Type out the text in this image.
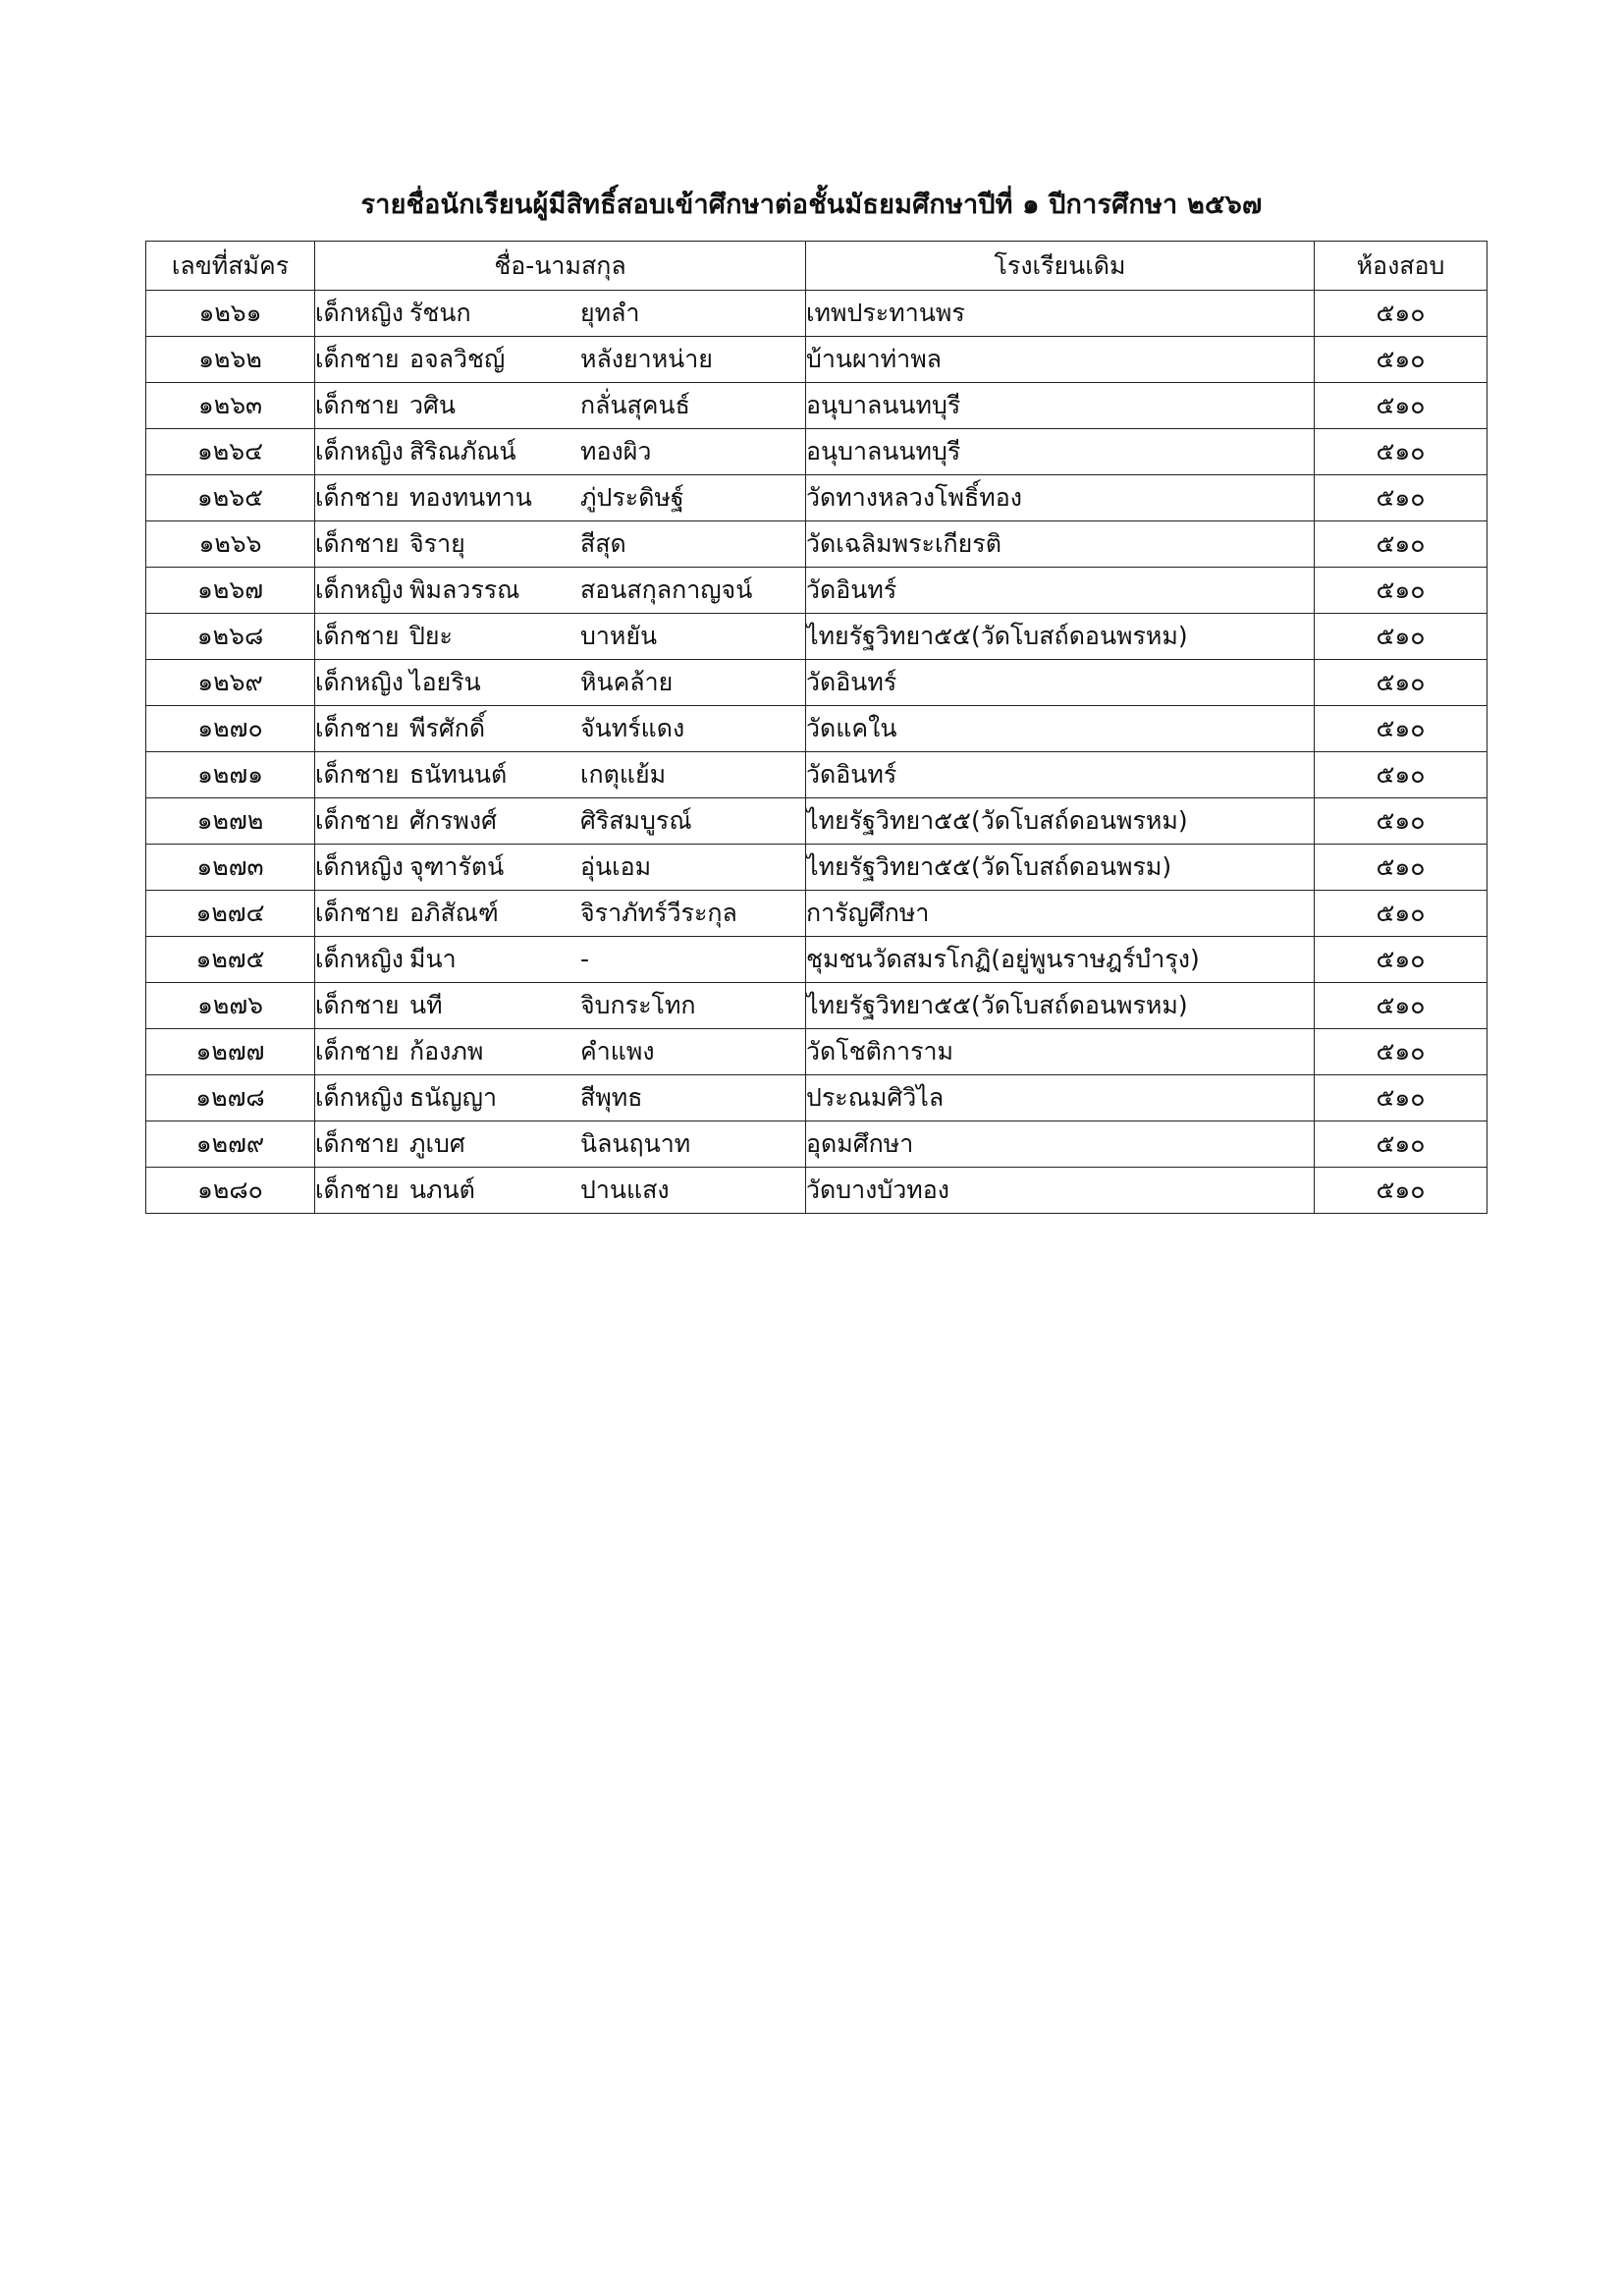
รายชื่อนักเรียนผู้มีสิทธิ์สอบเข้าศึกษาต่อชั้นมัธยมศึกษาปีที่ ๑ ปีการศึกษา ๒๕๖๗
เลขที่สมัคร	ชื่อ-นามสกุล	โรงเรียนเดิม	ห้องสอบ
๑๒๖๑	เด็กหญิง รัชนก ยุทลำ	เทพประทานพร	๕๑๐
๑๒๖๒	เด็กชาย อจลวิชญ์ หลังยาหน่าย	บ้านผาท่าพล	๕๑๐
๑๒๖๓	เด็กชาย วศิน กลั่นสุคนธ์	อนุบาลนนทบุรี	๕๑๐
๑๒๖๔	เด็กหญิง สิริณภัณน์ ทองผิว	อนุบาลนนทบุรี	๕๑๐
๑๒๖๕	เด็กชาย ทองทนทาน ภู่ประดิษฐ์	วัดทางหลวงโพธิ์ทอง	๕๑๐
๑๒๖๖	เด็กชาย จิรายุ สีสุด	วัดเฉลิมพระเกียรติ	๕๑๐
๑๒๖๗	เด็กหญิง พิมลวรรณ สอนสกุลกาญจน์	วัดอินทร์	๕๑๐
๑๒๖๘	เด็กชาย ปิยะ บาหยัน	ไทยรัฐวิทยา๕๕(วัดโบสถ์ดอนพรหม)	๕๑๐
๑๒๖๙	เด็กหญิง ไอยริน หินคล้าย	วัดอินทร์	๕๑๐
๑๒๗๐	เด็กชาย พีรศักดิ์ จันทร์แดง	วัดแคใน	๕๑๐
๑๒๗๑	เด็กชาย ธนัทนนต์ เกตุแย้ม	วัดอินทร์	๕๑๐
๑๒๗๒	เด็กชาย ศักรพงศ์ ศิริสมบูรณ์	ไทยรัฐวิทยา๕๕(วัดโบสถ์ดอนพรหม)	๕๑๐
๑๒๗๓	เด็กหญิง จุฑารัตน์ อุ่นเอม	ไทยรัฐวิทยา๕๕(วัดโบสถ์ดอนพรม)	๕๑๐
๑๒๗๔	เด็กชาย อภิสัณฑ์ จิราภัทร์วีระกุล	การัญศึกษา	๕๑๐
๑๒๗๕	เด็กหญิง มีนา -	ชุมชนวัดสมรโกฏิ(อยู่พูนราษฎร์บำรุง)	๕๑๐
๑๒๗๖	เด็กชาย นที จิบกระโทก	ไทยรัฐวิทยา๕๕(วัดโบสถ์ดอนพรหม)	๕๑๐
๑๒๗๗	เด็กชาย ก้องภพ คำแพง	วัดโชติการาม	๕๑๐
๑๒๗๘	เด็กหญิง ธนัญญา สีพุทธ	ประณมศิวิไล	๕๑๐
๑๒๗๙	เด็กชาย ภูเบศ นิลนฤนาท	อุดมศึกษา	๕๑๐
๑๒๘๐	เด็กชาย นภนต์ ปานแสง	วัดบางบัวทอง	๕๑๐
